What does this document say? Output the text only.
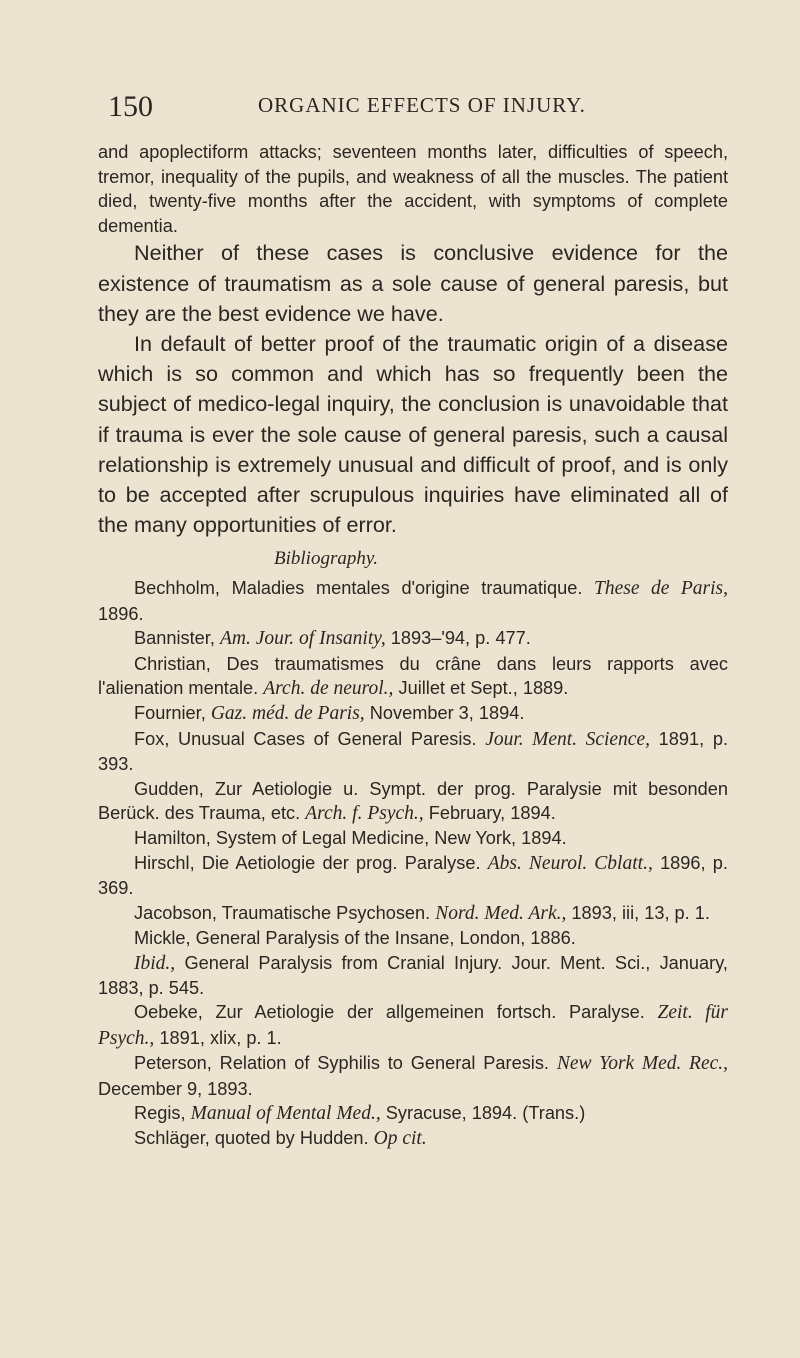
150	ORGANIC EFFECTS OF INJURY.

and apoplectiform attacks; seventeen months later, difficulties of speech, tremor, inequality of the pupils, and weakness of all the muscles. The patient died, twenty-five months after the accident, with symptoms of complete dementia.

Neither of these cases is conclusive evidence for the existence of traumatism as a sole cause of general paresis, but they are the best evidence we have.

In default of better proof of the traumatic origin of a disease which is so common and which has so frequently been the subject of medico-legal inquiry, the conclusion is unavoidable that if trauma is ever the sole cause of general paresis, such a causal relationship is extremely unusual and difficult of proof, and is only to be accepted after scrupulous inquiries have eliminated all of the many opportunities of error.

Bibliography.

Bechholm, Maladies mentales d'origine traumatique. These de Paris, 1896.

Bannister, Am. Jour. of Insanity, 1893–'94, p. 477.

Christian, Des traumatismes du crâne dans leurs rapports avec l'alienation mentale. Arch. de neurol., Juillet et Sept., 1889.

Fournier, Gaz. méd. de Paris, November 3, 1894.

Fox, Unusual Cases of General Paresis. Jour. Ment. Science, 1891, p. 393.

Gudden, Zur Aetiologie u. Sympt. der prog. Paralysie mit besonden Berück. des Trauma, etc. Arch. f. Psych., February, 1894.

Hamilton, System of Legal Medicine, New York, 1894.

Hirschl, Die Aetiologie der prog. Paralyse. Abs. Neurol. Cblatt., 1896, p. 369.

Jacobson, Traumatische Psychosen. Nord. Med. Ark., 1893, iii, 13, p. 1.

Mickle, General Paralysis of the Insane, London, 1886.

Ibid., General Paralysis from Cranial Injury. Jour. Ment. Sci., January, 1883, p. 545.

Oebeke, Zur Aetiologie der allgemeinen fortsch. Paralyse. Zeit. für Psych., 1891, xlix, p. 1.

Peterson, Relation of Syphilis to General Paresis. New York Med. Rec., December 9, 1893.

Regis, Manual of Mental Med., Syracuse, 1894. (Trans.)

Schläger, quoted by Hudden. Op cit.
